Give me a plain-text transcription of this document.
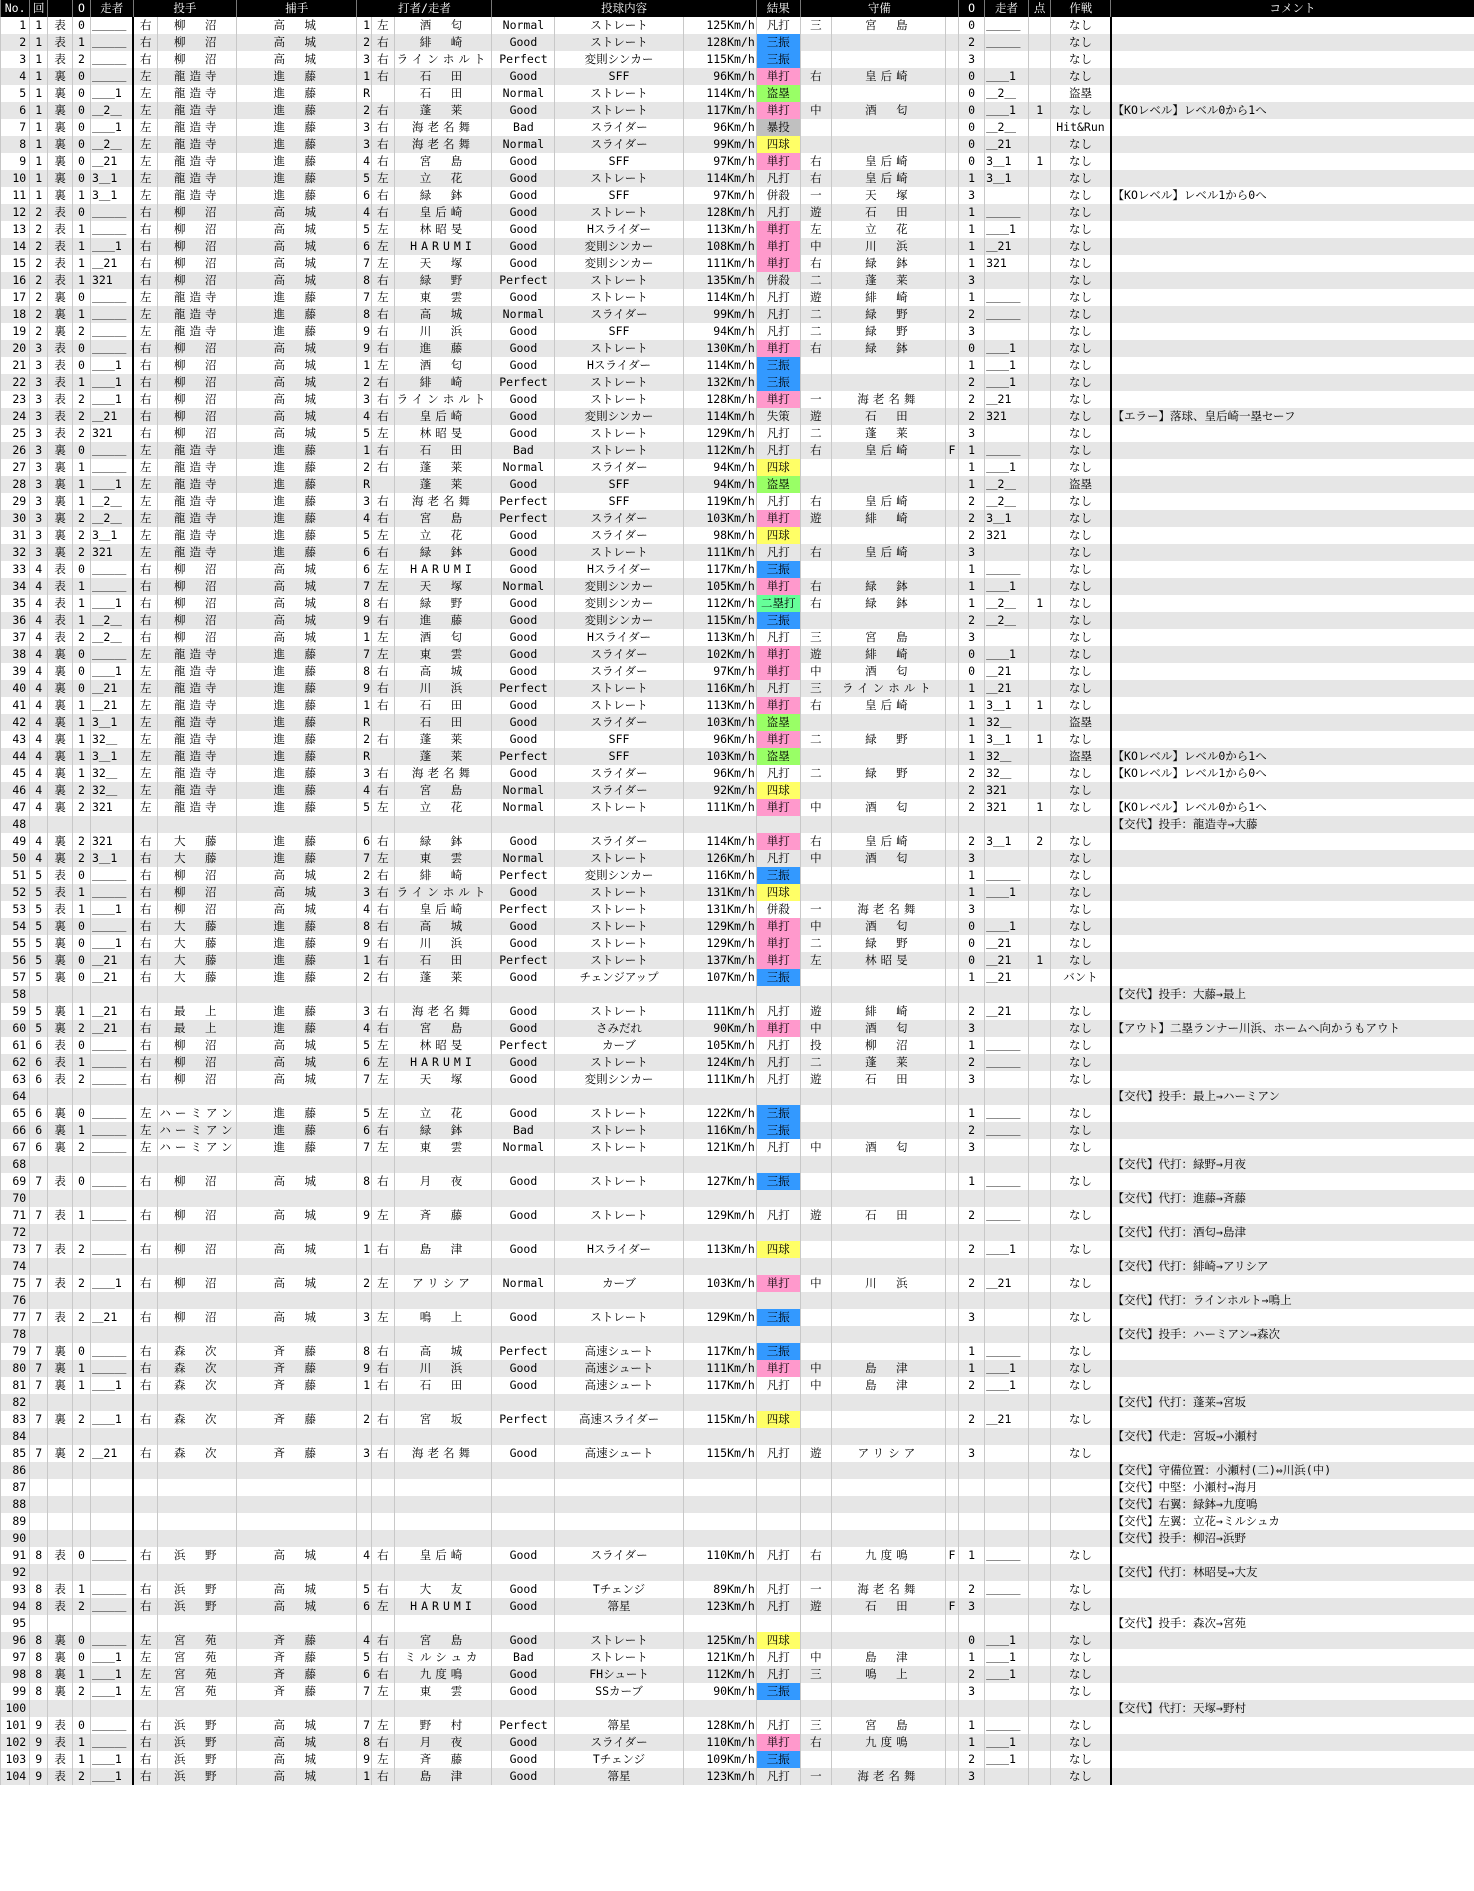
No.	回		O	走者	投手		捕手	打者/走者			投球内容			結果	守備			O	走者	点	作戦	コメント
1	1	表	0	＿＿＿	右	柳　沼	高　城	1	左	酒　匂	Normal	ストレート	125Km/h	凡打	三	宮　島		0	＿＿＿		なし	
2	1	表	1	＿＿＿	右	柳　沼	高　城	2	右	緋　崎	Good	ストレート	128Km/h	三振				2	＿＿＿		なし	
3	1	表	2	＿＿＿	右	柳　沼	高　城	3	右	ラインホルト	Perfect	変則シンカー	115Km/h	三振				3			なし	
4	1	裏	0	＿＿＿	左	龍造寺	進　藤	1	右	石　田	Good	SFF	96Km/h	単打	右	皇后崎		0	＿＿1		なし	
5	1	裏	0	＿＿1	左	龍造寺	進　藤	R		石　田	Normal	ストレート	114Km/h	盗塁				0	＿2＿		盗塁	
6	1	裏	0	＿2＿	左	龍造寺	進　藤	2	右	蓬　莱	Good	ストレート	117Km/h	単打	中	酒　匂		0	＿＿1	1	なし	【KOレベル】レベル0から1へ
7	1	裏	0	＿＿1	左	龍造寺	進　藤	3	右	海老名舞	Bad	スライダー	96Km/h	暴投				0	＿2＿		Hit&Run	
8	1	裏	0	＿2＿	左	龍造寺	進　藤	3	右	海老名舞	Normal	スライダー	99Km/h	四球				0	＿21		なし	
9	1	裏	0	＿21	左	龍造寺	進　藤	4	右	宮　島	Good	SFF	97Km/h	単打	右	皇后崎		0	3＿1	1	なし	
10	1	裏	0	3＿1	左	龍造寺	進　藤	5	左	立　花	Good	ストレート	114Km/h	凡打	右	皇后崎		1	3＿1		なし	
11	1	裏	1	3＿1	左	龍造寺	進　藤	6	右	緑　鉢	Good	SFF	97Km/h	併殺	一	天　塚		3			なし	【KOレベル】レベル1から0へ
12	2	表	0	＿＿＿	右	柳　沼	高　城	4	右	皇后崎	Good	ストレート	128Km/h	凡打	遊	石　田		1	＿＿＿		なし	
13	2	表	1	＿＿＿	右	柳　沼	高　城	5	左	林昭旻	Good	Hスライダー	113Km/h	単打	左	立　花		1	＿＿1		なし	
14	2	表	1	＿＿1	右	柳　沼	高　城	6	左	HARUMI	Good	変則シンカー	108Km/h	単打	中	川　浜		1	＿21		なし	
15	2	表	1	＿21	右	柳　沼	高　城	7	左	天　塚	Good	変則シンカー	111Km/h	単打	右	緑　鉢		1	321		なし	
16	2	表	1	321	右	柳　沼	高　城	8	右	緑　野	Perfect	ストレート	135Km/h	併殺	二	蓬　莱		3			なし	
17	2	裏	0	＿＿＿	左	龍造寺	進　藤	7	左	東　雲	Good	ストレート	114Km/h	凡打	遊	緋　崎		1	＿＿＿		なし	
18	2	裏	1	＿＿＿	左	龍造寺	進　藤	8	右	高　城	Normal	スライダー	99Km/h	凡打	二	緑　野		2	＿＿＿		なし	
19	2	裏	2	＿＿＿	左	龍造寺	進　藤	9	右	川　浜	Good	SFF	94Km/h	凡打	二	緑　野		3			なし	
20	3	表	0	＿＿＿	右	柳　沼	高　城	9	右	進　藤	Good	ストレート	130Km/h	単打	右	緑　鉢		0	＿＿1		なし	
21	3	表	0	＿＿1	右	柳　沼	高　城	1	左	酒　匂	Good	Hスライダー	114Km/h	三振				1	＿＿1		なし	
22	3	表	1	＿＿1	右	柳　沼	高　城	2	右	緋　崎	Perfect	ストレート	132Km/h	三振				2	＿＿1		なし	
23	3	表	2	＿＿1	右	柳　沼	高　城	3	右	ラインホルト	Good	ストレート	128Km/h	単打	一	海老名舞		2	＿21		なし	
24	3	表	2	＿21	右	柳　沼	高　城	4	右	皇后崎	Good	変則シンカー	114Km/h	失策	遊	石　田		2	321		なし	【エラー】落球、皇后崎一塁セーフ
25	3	表	2	321	右	柳　沼	高　城	5	左	林昭旻	Good	ストレート	129Km/h	凡打	二	蓬　莱		3			なし	
26	3	裏	0	＿＿＿	左	龍造寺	進　藤	1	右	石　田	Bad	ストレート	112Km/h	凡打	右	皇后崎	F	1	＿＿＿		なし	
27	3	裏	1	＿＿＿	左	龍造寺	進　藤	2	右	蓬　莱	Normal	スライダー	94Km/h	四球				1	＿＿1		なし	
28	3	裏	1	＿＿1	左	龍造寺	進　藤	R		蓬　莱	Good	SFF	94Km/h	盗塁				1	＿2＿		盗塁	
29	3	裏	1	＿2＿	左	龍造寺	進　藤	3	右	海老名舞	Perfect	SFF	119Km/h	凡打	右	皇后崎		2	＿2＿		なし	
30	3	裏	2	＿2＿	左	龍造寺	進　藤	4	右	宮　島	Perfect	スライダー	103Km/h	単打	遊	緋　崎		2	3＿1		なし	
31	3	裏	2	3＿1	左	龍造寺	進　藤	5	左	立　花	Good	スライダー	98Km/h	四球				2	321		なし	
32	3	裏	2	321	左	龍造寺	進　藤	6	右	緑　鉢	Good	ストレート	111Km/h	凡打	右	皇后崎		3			なし	
33	4	表	0	＿＿＿	右	柳　沼	高　城	6	左	HARUMI	Good	Hスライダー	117Km/h	三振				1	＿＿＿		なし	
34	4	表	1	＿＿＿	右	柳　沼	高　城	7	左	天　塚	Normal	変則シンカー	105Km/h	単打	右	緑　鉢		1	＿＿1		なし	
35	4	表	1	＿＿1	右	柳　沼	高　城	8	右	緑　野	Good	変則シンカー	112Km/h	二塁打	右	緑　鉢		1	＿2＿	1	なし	
36	4	表	1	＿2＿	右	柳　沼	高　城	9	右	進　藤	Good	変則シンカー	115Km/h	三振				2	＿2＿		なし	
37	4	表	2	＿2＿	右	柳　沼	高　城	1	左	酒　匂	Good	Hスライダー	113Km/h	凡打	三	宮　島		3			なし	
38	4	裏	0	＿＿＿	左	龍造寺	進　藤	7	左	東　雲	Good	スライダー	102Km/h	単打	遊	緋　崎		0	＿＿1		なし	
39	4	裏	0	＿＿1	左	龍造寺	進　藤	8	右	高　城	Good	スライダー	97Km/h	単打	中	酒　匂		0	＿21		なし	
40	4	裏	0	＿21	左	龍造寺	進　藤	9	右	川　浜	Perfect	ストレート	116Km/h	凡打	三	ラインホルト		1	＿21		なし	
41	4	裏	1	＿21	左	龍造寺	進　藤	1	右	石　田	Good	ストレート	113Km/h	単打	右	皇后崎		1	3＿1	1	なし	
42	4	裏	1	3＿1	左	龍造寺	進　藤	R		石　田	Good	スライダー	103Km/h	盗塁				1	32＿		盗塁	
43	4	裏	1	32＿	左	龍造寺	進　藤	2	右	蓬　莱	Good	SFF	96Km/h	単打	二	緑　野		1	3＿1	1	なし	
44	4	裏	1	3＿1	左	龍造寺	進　藤	R		蓬　莱	Perfect	SFF	103Km/h	盗塁				1	32＿		盗塁	【KOレベル】レベル0から1へ
45	4	裏	1	32＿	左	龍造寺	進　藤	3	右	海老名舞	Good	スライダー	96Km/h	凡打	二	緑　野		2	32＿		なし	【KOレベル】レベル1から0へ
46	4	裏	2	32＿	左	龍造寺	進　藤	4	右	宮　島	Normal	スライダー	92Km/h	四球				2	321		なし	
47	4	裏	2	321	左	龍造寺	進　藤	5	左	立　花	Normal	ストレート	111Km/h	単打	中	酒　匂		2	321	1	なし	【KOレベル】レベル0から1へ
48																						【交代】投手：龍造寺→大藤
49	4	裏	2	321	右	大　藤	進　藤	6	右	緑　鉢	Good	スライダー	114Km/h	単打	右	皇后崎		2	3＿1	2	なし	
50	4	裏	2	3＿1	右	大　藤	進　藤	7	左	東　雲	Normal	ストレート	126Km/h	凡打	中	酒　匂		3			なし	
51	5	表	0	＿＿＿	右	柳　沼	高　城	2	右	緋　崎	Perfect	変則シンカー	116Km/h	三振				1	＿＿＿		なし	
52	5	表	1	＿＿＿	右	柳　沼	高　城	3	右	ラインホルト	Good	ストレート	131Km/h	四球				1	＿＿1		なし	
53	5	表	1	＿＿1	右	柳　沼	高　城	4	右	皇后崎	Perfect	ストレート	131Km/h	併殺	一	海老名舞		3			なし	
54	5	裏	0	＿＿＿	右	大　藤	進　藤	8	右	高　城	Good	ストレート	129Km/h	単打	中	酒　匂		0	＿＿1		なし	
55	5	裏	0	＿＿1	右	大　藤	進　藤	9	右	川　浜	Good	ストレート	129Km/h	単打	二	緑　野		0	＿21		なし	
56	5	裏	0	＿21	右	大　藤	進　藤	1	右	石　田	Perfect	ストレート	137Km/h	単打	左	林昭旻		0	＿21	1	なし	
57	5	裏	0	＿21	右	大　藤	進　藤	2	右	蓬　莱	Good	チェンジアップ	107Km/h	三振				1	＿21		バント	
58																						【交代】投手：大藤→最上
59	5	裏	1	＿21	右	最　上	進　藤	3	右	海老名舞	Good	ストレート	111Km/h	凡打	遊	緋　崎		2	＿21		なし	
60	5	裏	2	＿21	右	最　上	進　藤	4	右	宮　島	Good	さみだれ	90Km/h	単打	中	酒　匂		3			なし	【アウト】二塁ランナー川浜、ホームへ向かうもアウト
61	6	表	0	＿＿＿	右	柳　沼	高　城	5	左	林昭旻	Perfect	カーブ	105Km/h	凡打	投	柳　沼		1	＿＿＿		なし	
62	6	表	1	＿＿＿	右	柳　沼	高　城	6	左	HARUMI	Good	ストレート	124Km/h	凡打	二	蓬　莱		2	＿＿＿		なし	
63	6	表	2	＿＿＿	右	柳　沼	高　城	7	左	天　塚	Good	変則シンカー	111Km/h	凡打	遊	石　田		3			なし	
64																						【交代】投手：最上→ハーミアン
65	6	裏	0	＿＿＿	左	ハーミアン	進　藤	5	左	立　花	Good	ストレート	122Km/h	三振				1	＿＿＿		なし	
66	6	裏	1	＿＿＿	左	ハーミアン	進　藤	6	右	緑　鉢	Bad	ストレート	116Km/h	三振				2	＿＿＿		なし	
67	6	裏	2	＿＿＿	左	ハーミアン	進　藤	7	左	東　雲	Normal	ストレート	121Km/h	凡打	中	酒　匂		3			なし	
68																						【交代】代打：緑野→月夜
69	7	表	0	＿＿＿	右	柳　沼	高　城	8	右	月　夜	Good	ストレート	127Km/h	三振				1	＿＿＿		なし	
70																						【交代】代打：進藤→斉藤
71	7	表	1	＿＿＿	右	柳　沼	高　城	9	左	斉　藤	Good	ストレート	129Km/h	凡打	遊	石　田		2	＿＿＿		なし	
72																						【交代】代打：酒匂→島津
73	7	表	2	＿＿＿	右	柳　沼	高　城	1	右	島　津	Good	Hスライダー	113Km/h	四球				2	＿＿1		なし	
74																						【交代】代打：緋崎→アリシア
75	7	表	2	＿＿1	右	柳　沼	高　城	2	左	アリシア	Normal	カーブ	103Km/h	単打	中	川　浜		2	＿21		なし	
76																						【交代】代打：ラインホルト→鳴上
77	7	表	2	＿21	右	柳　沼	高　城	3	左	鳴　上	Good	ストレート	129Km/h	三振				3			なし	
78																						【交代】投手：ハーミアン→森次
79	7	裏	0	＿＿＿	右	森　次	斉　藤	8	右	高　城	Perfect	高速シュート	117Km/h	三振				1	＿＿＿		なし	
80	7	裏	1	＿＿＿	右	森　次	斉　藤	9	右	川　浜	Good	高速シュート	111Km/h	単打	中	島　津		1	＿＿1		なし	
81	7	裏	1	＿＿1	右	森　次	斉　藤	1	右	石　田	Good	高速シュート	117Km/h	凡打	中	島　津		2	＿＿1		なし	
82																						【交代】代打：蓬莱→宮坂
83	7	裏	2	＿＿1	右	森　次	斉　藤	2	右	宮　坂	Perfect	高速スライダー	115Km/h	四球				2	＿21		なし	
84																						【交代】代走：宮坂→小瀬村
85	7	裏	2	＿21	右	森　次	斉　藤	3	右	海老名舞	Good	高速シュート	115Km/h	凡打	遊	アリシア		3			なし	
86																						【交代】守備位置：小瀬村(二)⇔川浜(中)
87																						【交代】中堅：小瀬村→海月
88																						【交代】右翼：緑鉢→九度鳴
89																						【交代】左翼：立花→ミルシュカ
90																						【交代】投手：柳沼→浜野
91	8	表	0	＿＿＿	右	浜　野	高　城	4	右	皇后崎	Good	スライダー	110Km/h	凡打	右	九度鳴	F	1	＿＿＿		なし	
92																						【交代】代打：林昭旻→大友
93	8	表	1	＿＿＿	右	浜　野	高　城	5	右	大　友	Good	Tチェンジ	89Km/h	凡打	一	海老名舞		2	＿＿＿		なし	
94	8	表	2	＿＿＿	右	浜　野	高　城	6	左	HARUMI	Good	箒星	123Km/h	凡打	遊	石　田	F	3			なし	
95																						【交代】投手：森次→宮苑
96	8	裏	0	＿＿＿	左	宮　苑	斉　藤	4	右	宮　島	Good	ストレート	125Km/h	四球				0	＿＿1		なし	
97	8	裏	0	＿＿1	左	宮　苑	斉　藤	5	右	ミルシュカ	Bad	ストレート	121Km/h	凡打	中	島　津		1	＿＿1		なし	
98	8	裏	1	＿＿1	左	宮　苑	斉　藤	6	右	九度鳴	Good	FHシュート	112Km/h	凡打	三	鳴　上		2	＿＿1		なし	
99	8	裏	2	＿＿1	左	宮　苑	斉　藤	7	左	東　雲	Good	SSカーブ	90Km/h	三振				3			なし	
100																						【交代】代打：天塚→野村
101	9	表	0	＿＿＿	右	浜　野	高　城	7	左	野　村	Perfect	箒星	128Km/h	凡打	三	宮　島		1	＿＿＿		なし	
102	9	表	1	＿＿＿	右	浜　野	高　城	8	右	月　夜	Good	スライダー	110Km/h	単打	右	九度鳴		1	＿＿1		なし	
103	9	表	1	＿＿1	右	浜　野	高　城	9	左	斉　藤	Good	Tチェンジ	109Km/h	三振				2	＿＿1		なし	
104	9	表	2	＿＿1	右	浜　野	高　城	1	右	島　津	Good	箒星	123Km/h	凡打	一	海老名舞		3			なし	
